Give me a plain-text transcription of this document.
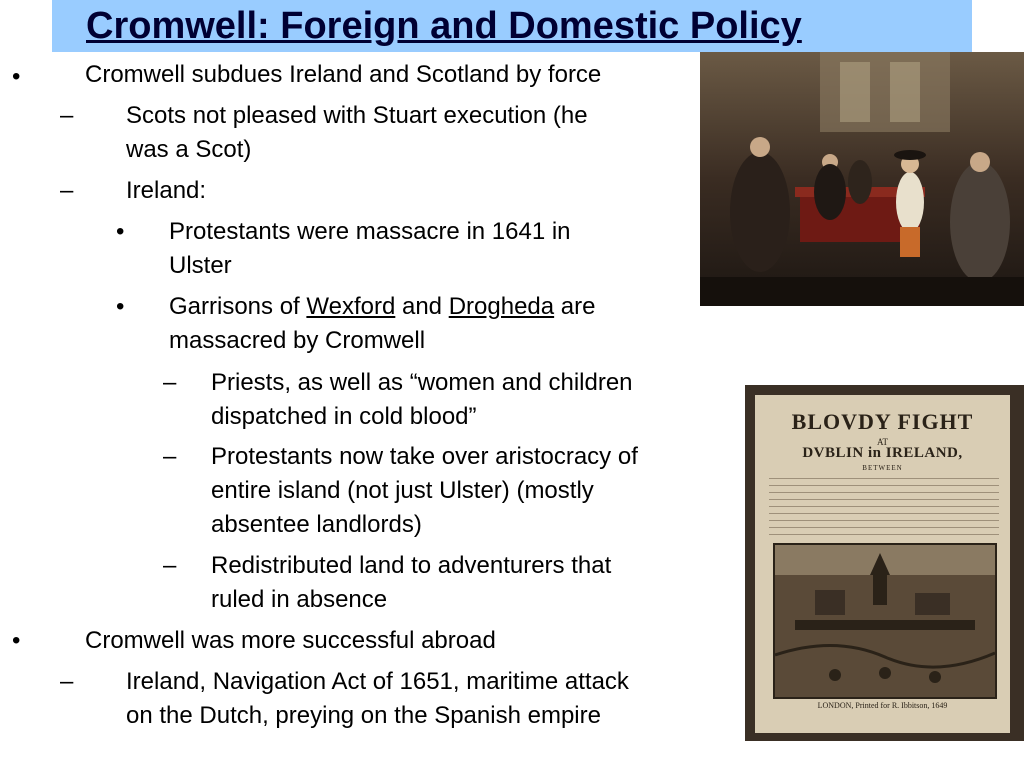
Cromwell: Foreign and Domestic Policy
•	Cromwell subdues Ireland and Scotland by force
– Scots not pleased with Stuart execution (he
was a Scot)
– Ireland:
• Protestants were massacre in 1641 in
Ulster
• Garrisons of Wexford and Drogheda are
massacred by Cromwell
– Priests, as well as “women and children
dispatched in cold blood”
– Protestants now take over aristocracy of
entire island (not just Ulster) (mostly
absentee landlords)
– Redistributed land to adventurers that
ruled in absence
•	Cromwell was more successful abroad
– Ireland, Navigation Act of 1651, maritime attack
on the Dutch, preying on the Spanish empire
BLOVDY FIGHT
AT
DVBLIN in IRELAND,
BETWEEN
LONDON, Printed for R. Ibbitson, 1649
